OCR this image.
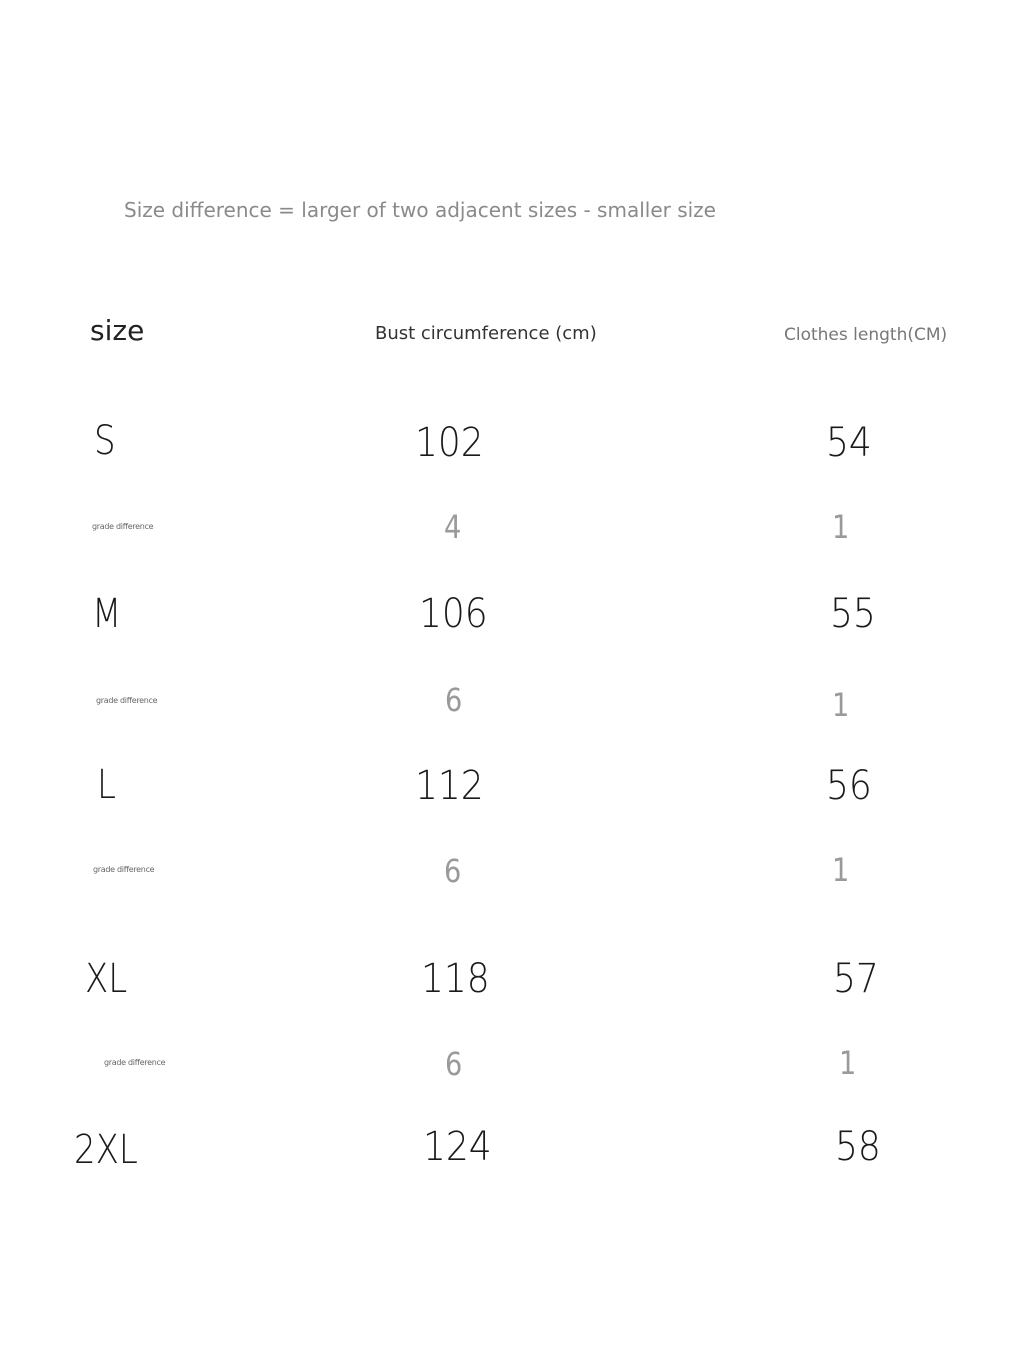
Size difference = larger of two adjacent sizes - smaller size
size	Bust circumference (cm)	Clothes length(CM)
S	102	54
grade difference	4	1
M	106	55
grade difference	6	1
L	112	56
grade difference	6	1
XL	118	57
grade difference	6	1
2XL	124	58
